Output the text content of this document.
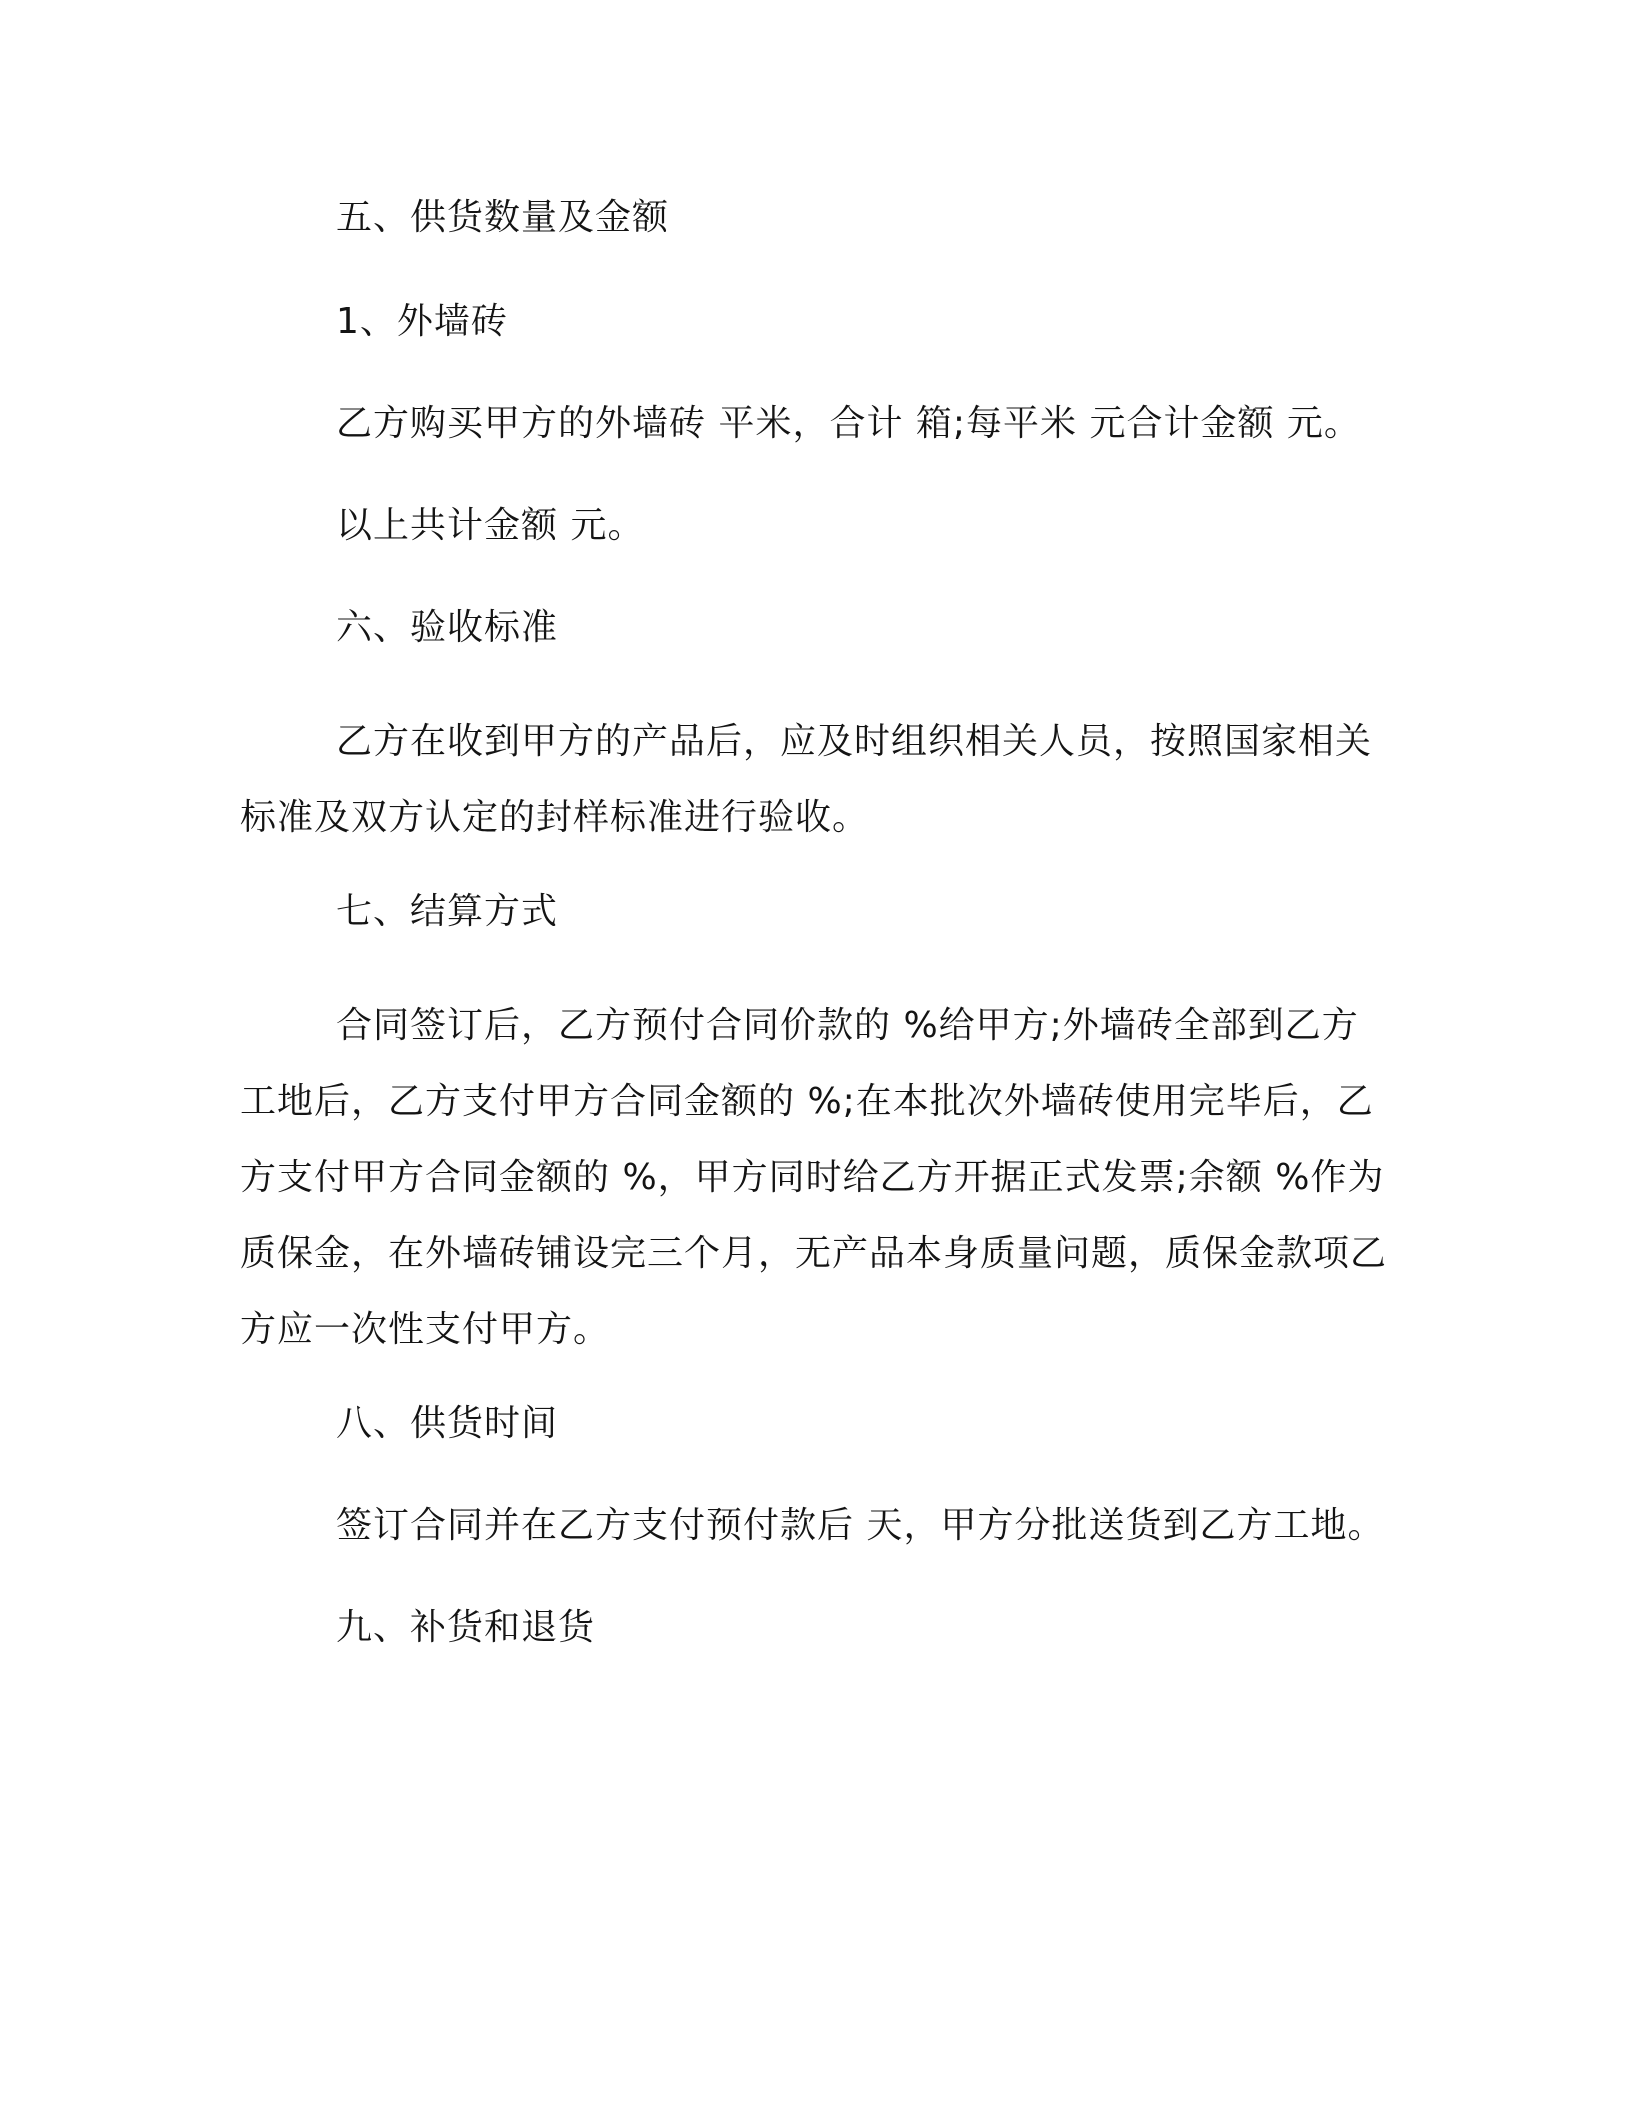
五、供货数量及金额

1、外墙砖

乙方购买甲方的外墙砖 平米，合计 箱;每平米 元合计金额 元。

以上共计金额 元。

六、验收标准

乙方在收到甲方的产品后，应及时组织相关人员，按照国家相关标准及双方认定的封样标准进行验收。

七、结算方式

合同签订后，乙方预付合同价款的 %给甲方;外墙砖全部到乙方工地后，乙方支付甲方合同金额的 %;在本批次外墙砖使用完毕后，乙方支付甲方合同金额的 %，甲方同时给乙方开据正式发票;余额 %作为质保金，在外墙砖铺设完三个月，无产品本身质量问题，质保金款项乙方应一次性支付甲方。

八、供货时间

签订合同并在乙方支付预付款后 天，甲方分批送货到乙方工地。

九、补货和退货
